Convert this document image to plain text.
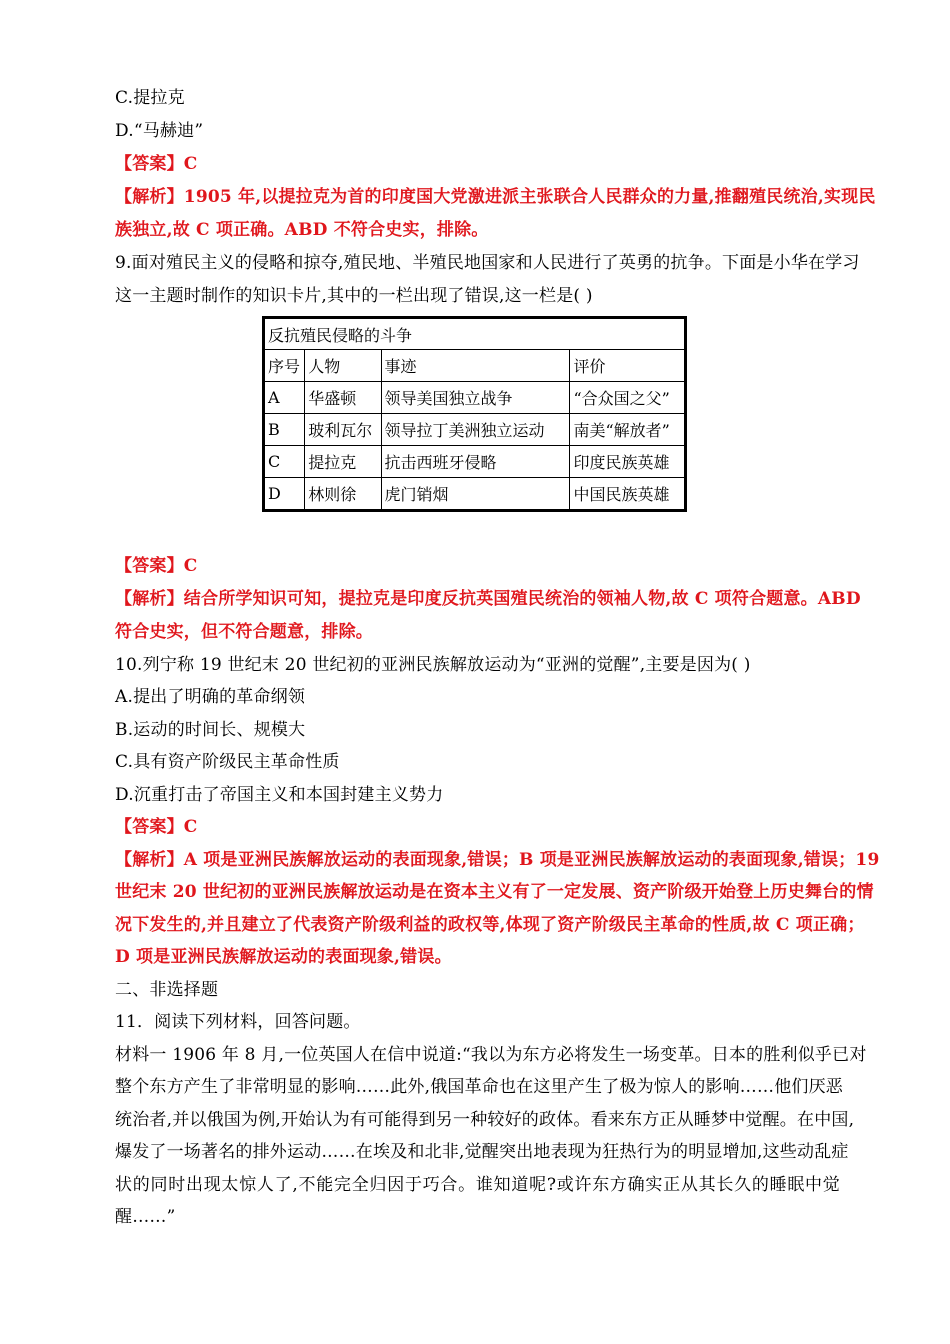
C.提拉克
D.“马赫迪”
【答案】C
【解析】1905 年,以提拉克为首的印度国大党激进派主张联合人民群众的力量,推翻殖民统治,实现民
族独立,故 C 项正确。ABD 不符合史实，排除。
9.面对殖民主义的侵略和掠夺,殖民地、半殖民地国家和人民进行了英勇的抗争。下面是小华在学习
这一主题时制作的知识卡片,其中的一栏出现了错误,这一栏是( )
反抗殖民侵略的斗争			
序号	人物	事迹	评价
A	华盛顿	领导美国独立战争	“合众国之父”
B	玻利瓦尔	领导拉丁美洲独立运动	南美“解放者”
C	提拉克	抗击西班牙侵略	印度民族英雄
D	林则徐	虎门销烟	中国民族英雄
【答案】C
【解析】结合所学知识可知，提拉克是印度反抗英国殖民统治的领袖人物,故 C 项符合题意。ABD
符合史实，但不符合题意，排除。
10.列宁称 19 世纪末 20 世纪初的亚洲民族解放运动为“亚洲的觉醒”,主要是因为( )
A.提出了明确的革命纲领
B.运动的时间长、规模大
C.具有资产阶级民主革命性质
D.沉重打击了帝国主义和本国封建主义势力
【答案】C
【解析】A 项是亚洲民族解放运动的表面现象,错误；B 项是亚洲民族解放运动的表面现象,错误；19
世纪末 20 世纪初的亚洲民族解放运动是在资本主义有了一定发展、资产阶级开始登上历史舞台的情
况下发生的,并且建立了代表资产阶级利益的政权等,体现了资产阶级民主革命的性质,故 C 项正确；
D 项是亚洲民族解放运动的表面现象,错误。
二、非选择题
11．阅读下列材料，回答问题。
材料一 1906 年 8 月,一位英国人在信中说道:“我以为东方必将发生一场变革。日本的胜利似乎已对
整个东方产生了非常明显的影响……此外,俄国革命也在这里产生了极为惊人的影响……他们厌恶
统治者,并以俄国为例,开始认为有可能得到另一种较好的政体。看来东方正从睡梦中觉醒。在中国,
爆发了一场著名的排外运动……在埃及和北非,觉醒突出地表现为狂热行为的明显增加,这些动乱症
状的同时出现太惊人了,不能完全归因于巧合。谁知道呢?或许东方确实正从其长久的睡眠中觉
醒……”
